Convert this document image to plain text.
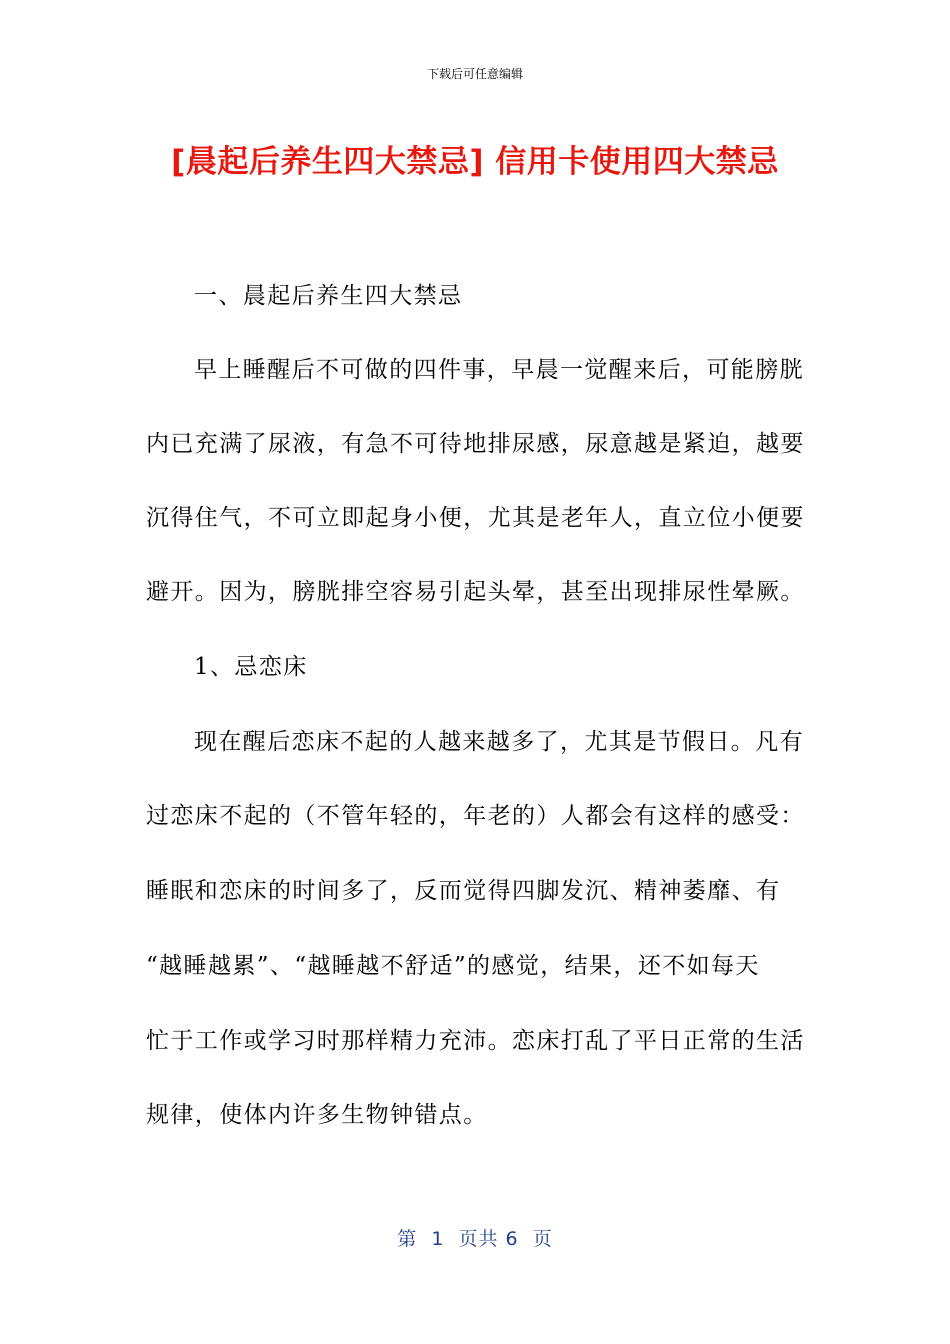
下载后可任意编辑
[晨起后养生四大禁忌] 信用卡使用四大禁忌

一、晨起后养生四大禁忌

早上睡醒后不可做的四件事，早晨一觉醒来后，可能膀胱

内已充满了尿液，有急不可待地排尿感，尿意越是紧迫，越要

沉得住气，不可立即起身小便，尤其是老年人，直立位小便要

避开。因为，膀胱排空容易引起头晕，甚至出现排尿性晕厥。

1、忌恋床

现在醒后恋床不起的人越来越多了，尤其是节假日。凡有

过恋床不起的（不管年轻的，年老的）人都会有这样的感受：

睡眠和恋床的时间多了，反而觉得四脚发沉、精神萎靡、有

“越睡越累”、“越睡越不舒适”的感觉，结果，还不如每天

忙于工作或学习时那样精力充沛。恋床打乱了平日正常的生活

规律，使体内许多生物钟错点。

第  1  页共 6  页
